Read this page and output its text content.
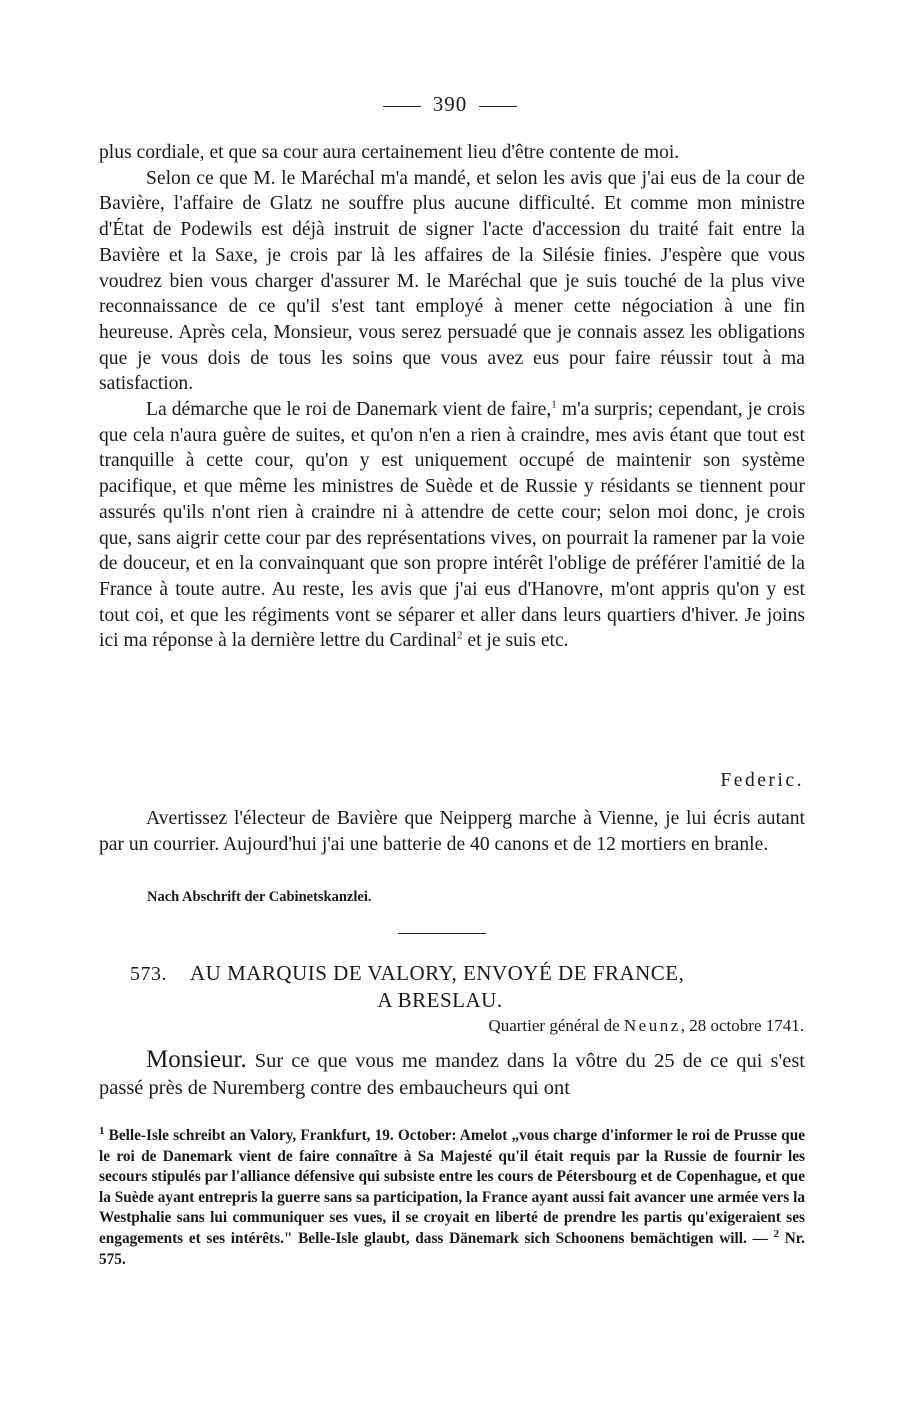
390

plus cordiale, et que sa cour aura certainement lieu d'être contente de moi.

Selon ce que M. le Maréchal m'a mandé, et selon les avis que j'ai eus de la cour de Bavière, l'affaire de Glatz ne souffre plus aucune difficulté. Et comme mon ministre d'État de Podewils est déjà instruit de signer l'acte d'accession du traité fait entre la Bavière et la Saxe, je crois par là les affaires de la Silésie finies. J'espère que vous voudrez bien vous charger d'assurer M. le Maréchal que je suis touché de la plus vive reconnaissance de ce qu'il s'est tant employé à mener cette négociation à une fin heureuse. Après cela, Monsieur, vous serez persuadé que je connais assez les obligations que je vous dois de tous les soins que vous avez eus pour faire réussir tout à ma satisfaction.

La démarche que le roi de Danemark vient de faire,$^1$ m'a surpris; cependant, je crois que cela n'aura guère de suites, et qu'on n'en a rien à craindre, mes avis étant que tout est tranquille à cette cour, qu'on y est uniquement occupé de maintenir son système pacifique, et que même les ministres de Suède et de Russie y résidants se tiennent pour assurés qu'ils n'ont rien à craindre ni à attendre de cette cour; selon moi donc, je crois que, sans aigrir cette cour par des représentations vives, on pourrait la ramener par la voie de douceur, et en la convainquant que son propre intérêt l'oblige de préférer l'amitié de la France à toute autre. Au reste, les avis que j'ai eus d'Hanovre, m'ont appris qu'on y est tout coi, et que les régiments vont se séparer et aller dans leurs quartiers d'hiver. Je joins ici ma réponse à la dernière lettre du Cardinal$^2$ et je suis etc.

Federic.

Avertissez l'électeur de Bavière que Neipperg marche à Vienne, je lui écris autant par un courrier. Aujourd'hui j'ai une batterie de 40 canons et de 12 mortiers en branle.

Nach Abschrift der Cabinetskanzlei.
573. AU MARQUIS DE VALORY, ENVOYÉ DE FRANCE,
A BRESLAU.
Quartier général de Neunz, 28 octobre 1741.

Monsieur. Sur ce que vous me mandez dans la vôtre du 25 de ce qui s'est passé près de Nuremberg contre des embaucheurs qui ont

$^1$ Belle-Isle schreibt an Valory, Frankfurt, 19. October: Amelot „vous charge d'informer le roi de Prusse que le roi de Danemark vient de faire connaître à Sa Majesté qu'il était requis par la Russie de fournir les secours stipulés par l'alliance défensive qui subsiste entre les cours de Pétersbourg et de Copenhague, et que la Suède ayant entrepris la guerre sans sa participation, la France ayant aussi fait avancer une armée vers la Westphalie sans lui communiquer ses vues, il se croyait en liberté de prendre les partis qu'exigeraient ses engagements et ses intérêts." Belle-Isle glaubt, dass Dänemark sich Schoonens bemächtigen will. — $^2$ Nr. 575.
